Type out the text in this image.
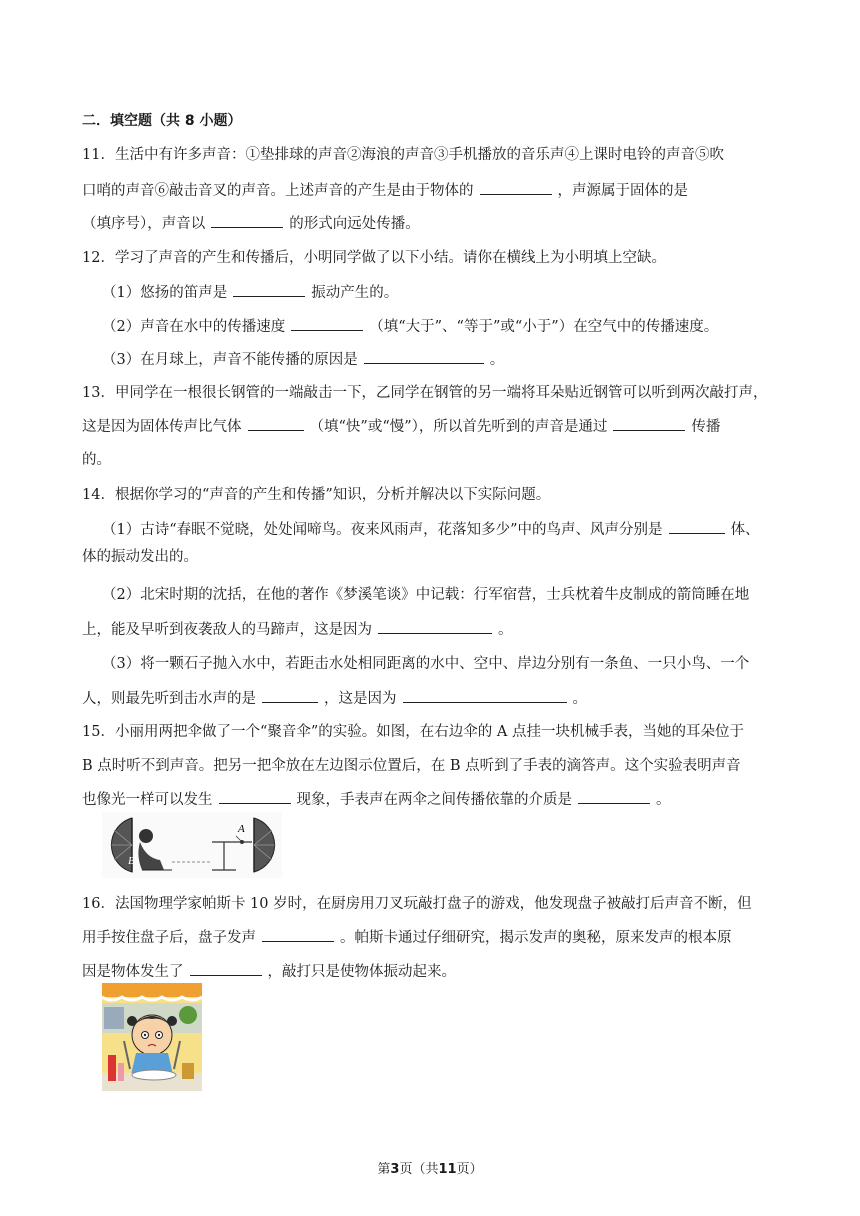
二．填空题（共 8 小题）
11．生活中有许多声音：①垫排球的声音②海浪的声音③手机播放的音乐声④上课时电铃的声音⑤吹
口哨的声音⑥敲击音叉的声音。上述声音的产生是由于物体的	，声源属于固体的是
（填序号），声音以	的形式向远处传播。
12．学习了声音的产生和传播后，小明同学做了以下小结。请你在横线上为小明填上空缺。
（1）悠扬的笛声是	振动产生的。
（2）声音在水中的传播速度	（填“大于”、“等于”或“小于”）在空气中的传播速度。
（3）在月球上，声音不能传播的原因是	。
13．甲同学在一根很长钢管的一端敲击一下，乙同学在钢管的另一端将耳朵贴近钢管可以听到两次敲打声，
这是因为固体传声比气体	（填“快”或“慢”），所以首先听到的声音是通过	传播
的。
14．根据你学习的“声音的产生和传播”知识，分析并解决以下实际问题。
（1）古诗“春眠不觉晓，处处闻啼鸟。夜来风雨声，花落知多少”中的鸟声、风声分别是	体、
体的振动发出的。
（2）北宋时期的沈括，在他的著作《梦溪笔谈》中记载：行军宿营，士兵枕着牛皮制成的箭筒睡在地
上，能及早听到夜袭敌人的马蹄声，这是因为	。
（3）将一颗石子抛入水中，若距击水处相同距离的水中、空中、岸边分别有一条鱼、一只小鸟、一个
人，则最先听到击水声的是	，这是因为	。
15．小丽用两把伞做了一个“聚音伞”的实验。如图，在右边伞的 A 点挂一块机械手表，当她的耳朵位于
B 点时听不到声音。把另一把伞放在左边图示位置后，在 B 点听到了手表的滴答声。这个实验表明声音
也像光一样可以发生	现象，手表声在两伞之间传播依靠的介质是	。
A
B
16．法国物理学家帕斯卡 10 岁时，在厨房用刀叉玩敲打盘子的游戏，他发现盘子被敲打后声音不断，但
用手按住盘子后，盘子发声	。帕斯卡通过仔细研究，揭示发声的奥秘，原来发声的根本原
因是物体发生了	，敲打只是使物体振动起来。
第3页（共11页）
